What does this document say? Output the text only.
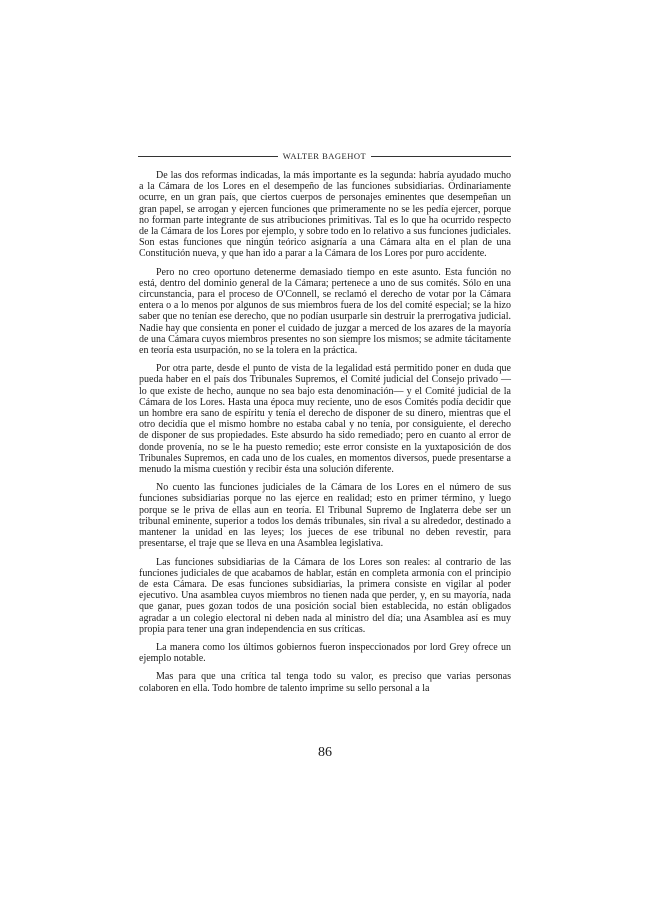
WALTER BAGEHOT

De las dos reformas indicadas, la más importante es la segunda: habría ayudado mucho a la Cámara de los Lores en el desempeño de las funciones subsidiarias. Ordinariamente ocurre, en un gran país, que ciertos cuerpos de personajes eminentes que desempeñan un gran papel, se arrogan y ejercen funciones que primeramente no se les pedía ejercer, porque no forman parte integrante de sus atribuciones primitivas. Tal es lo que ha ocurrido respecto de la Cámara de los Lores por ejemplo, y sobre todo en lo relativo a sus funciones judiciales. Son estas funciones que ningún teórico asignaría a una Cámara alta en el plan de una Constitución nueva, y que han ido a parar a la Cámara de los Lores por puro accidente.

Pero no creo oportuno detenerme demasiado tiempo en este asunto. Esta función no está, dentro del dominio general de la Cámara; pertenece a uno de sus comités. Sólo en una circunstancia, para el proceso de O'Connell, se reclamó el derecho de votar por la Cámara entera o a lo menos por algunos de sus miembros fuera de los del comité especial; se la hizo saber que no tenían ese derecho, que no podían usurparle sin destruir la prerrogativa judicial. Nadie hay que consienta en poner el cuidado de juzgar a merced de los azares de la mayoría de una Cámara cuyos miembros presentes no son siempre los mismos; se admite tácitamente en teoría esta usurpación, no se la tolera en la práctica.

Por otra parte, desde el punto de vista de la legalidad está permitido poner en duda que pueda haber en el país dos Tribunales Supremos, el Comité judicial del Consejo privado —lo que existe de hecho, aunque no sea bajo esta denominación— y el Comité judicial de la Cámara de los Lores. Hasta una época muy reciente, uno de esos Comités podía decidir que un hombre era sano de espíritu y tenía el derecho de disponer de su dinero, mientras que el otro decidía que el mismo hombre no estaba cabal y no tenía, por consiguiente, el derecho de disponer de sus propiedades. Este absurdo ha sido remediado; pero en cuanto al error de donde provenía, no se le ha puesto remedio; este error consiste en la yuxtaposición de dos Tribunales Supremos, en cada uno de los cuales, en momentos diversos, puede presentarse a menudo la misma cuestión y recibir ésta una solución diferente.

No cuento las funciones judiciales de la Cámara de los Lores en el número de sus funciones subsidiarias porque no las ejerce en realidad; esto en primer término, y luego porque se le priva de ellas aun en teoría. El Tribunal Supremo de Inglaterra debe ser un tribunal eminente, superior a todos los demás tribunales, sin rival a su alrededor, destinado a mantener la unidad en las leyes; los jueces de ese tribunal no deben revestir, para presentarse, el traje que se lleva en una Asamblea legislativa.

Las funciones subsidiarias de la Cámara de los Lores son reales: al contrario de las funciones judiciales de que acabamos de hablar, están en completa armonía con el principio de esta Cámara. De esas funciones subsidiarias, la primera consiste en vigilar al poder ejecutivo. Una asamblea cuyos miembros no tienen nada que perder, y, en su mayoría, nada que ganar, pues gozan todos de una posición social bien establecida, no están obligados agradar a un colegio electoral ni deben nada al ministro del día; una Asamblea así es muy propia para tener una gran independencia en sus críticas.

La manera como los últimos gobiernos fueron inspeccionados por lord Grey ofrece un ejemplo notable.

Mas para que una crítica tal tenga todo su valor, es preciso que varias personas colaboren en ella. Todo hombre de talento imprime su sello personal a la

86
